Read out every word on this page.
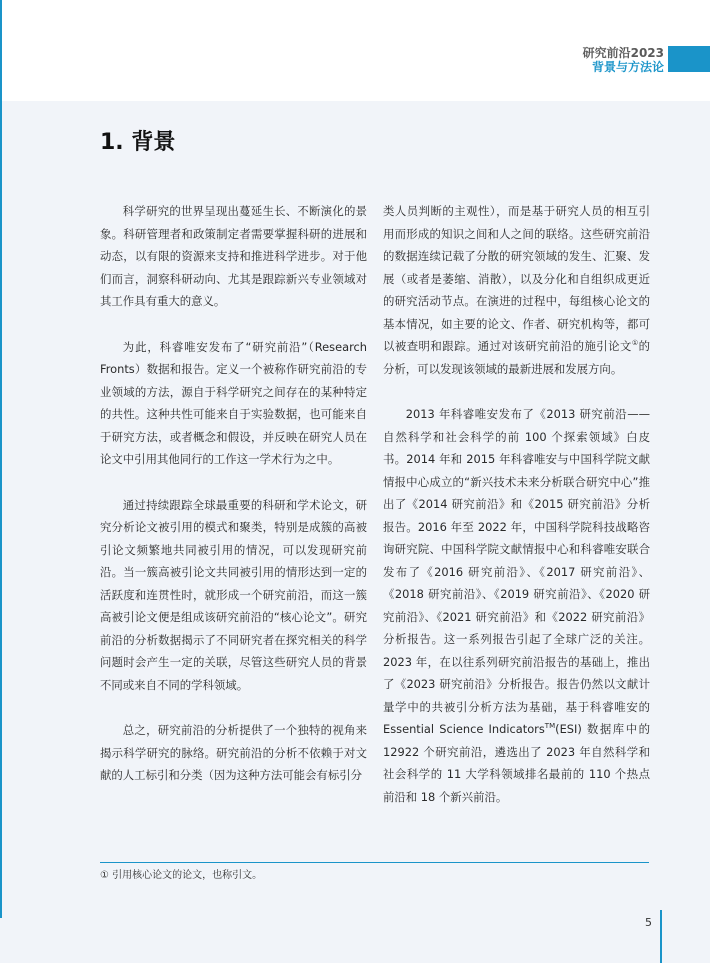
研究前沿2023
背景与方法论
1. 背景

科学研究的世界呈现出蔓延生长、不断演化的景象。科研管理者和政策制定者需要掌握科研的进展和动态，以有限的资源来支持和推进科学进步。对于他们而言，洞察科研动向、尤其是跟踪新兴专业领域对其工作具有重大的意义。

为此，科睿唯安发布了“研究前沿”（Research Fronts）数据和报告。定义一个被称作研究前沿的专业领域的方法，源自于科学研究之间存在的某种特定的共性。这种共性可能来自于实验数据，也可能来自于研究方法，或者概念和假设，并反映在研究人员在论文中引用其他同行的工作这一学术行为之中。

通过持续跟踪全球最重要的科研和学术论文，研究分析论文被引用的模式和聚类，特别是成簇的高被引论文频繁地共同被引用的情况，可以发现研究前沿。当一簇高被引论文共同被引用的情形达到一定的活跃度和连贯性时，就形成一个研究前沿，而这一簇高被引论文便是组成该研究前沿的“核心论文”。研究前沿的分析数据揭示了不同研究者在探究相关的科学问题时会产生一定的关联，尽管这些研究人员的背景不同或来自不同的学科领域。

总之，研究前沿的分析提供了一个独特的视角来揭示科学研究的脉络。研究前沿的分析不依赖于对文献的人工标引和分类（因为这种方法可能会有标引分

类人员判断的主观性），而是基于研究人员的相互引用而形成的知识之间和人之间的联络。这些研究前沿的数据连续记载了分散的研究领域的发生、汇聚、发展（或者是萎缩、消散），以及分化和自组织成更近的研究活动节点。在演进的过程中，每组核心论文的基本情况，如主要的论文、作者、研究机构等，都可以被查明和跟踪。通过对该研究前沿的施引论文①的分析，可以发现该领域的最新进展和发展方向。

2013 年科睿唯安发布了《2013 研究前沿——自然科学和社会科学的前 100 个探索领域》白皮书。2014 年和 2015 年科睿唯安与中国科学院文献情报中心成立的“新兴技术未来分析联合研究中心”推出了《2014 研究前沿》和《2015 研究前沿》分析报告。2016 年至 2022 年，中国科学院科技战略咨询研究院、中国科学院文献情报中心和科睿唯安联合发布了《2016 研究前沿》、《2017 研究前沿》、《2018 研究前沿》、《2019 研究前沿》、《2020 研究前沿》、《2021 研究前沿》和《2022 研究前沿》分析报告。这一系列报告引起了全球广泛的关注。2023 年，在以往系列研究前沿报告的基础上，推出了《2023 研究前沿》分析报告。报告仍然以文献计量学中的共被引分析方法为基础，基于科睿唯安的 Essential Science Indicators™(ESI) 数据库中的 12922 个研究前沿，遴选出了 2023 年自然科学和社会科学的 11 大学科领域排名最前的 110 个热点前沿和 18 个新兴前沿。

① 引用核心论文的论文，也称引文。
5
